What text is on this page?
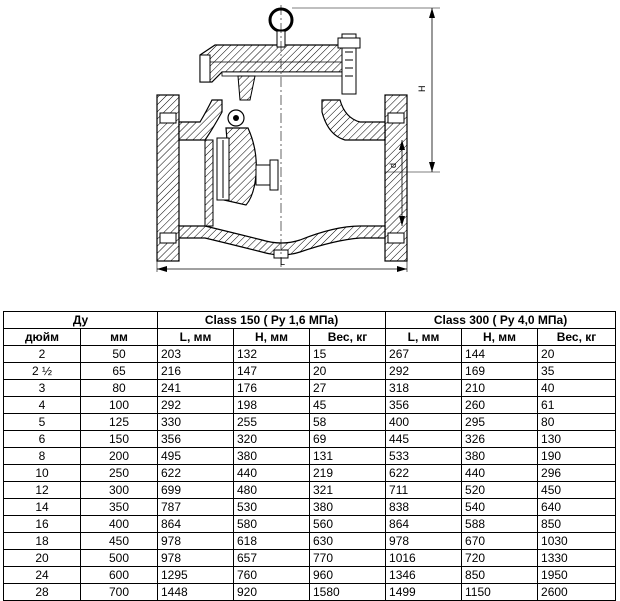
H
d
L
Ду		Class 150 ( Ру 1,6 МПа)			Class 300 ( Ру 4,0 МПа)		
дюйм	мм	L, мм	H, мм	Вес, кг	L, мм	H, мм	Вес, кг
2	50	203	132	15	267	144	20
2 ½	65	216	147	20	292	169	35
3	80	241	176	27	318	210	40
4	100	292	198	45	356	260	61
5	125	330	255	58	400	295	80
6	150	356	320	69	445	326	130
8	200	495	380	131	533	380	190
10	250	622	440	219	622	440	296
12	300	699	480	321	711	520	450
14	350	787	530	380	838	540	640
16	400	864	580	560	864	588	850
18	450	978	618	630	978	670	1030
20	500	978	657	770	1016	720	1330
24	600	1295	760	960	1346	850	1950
28	700	1448	920	1580	1499	1150	2600
